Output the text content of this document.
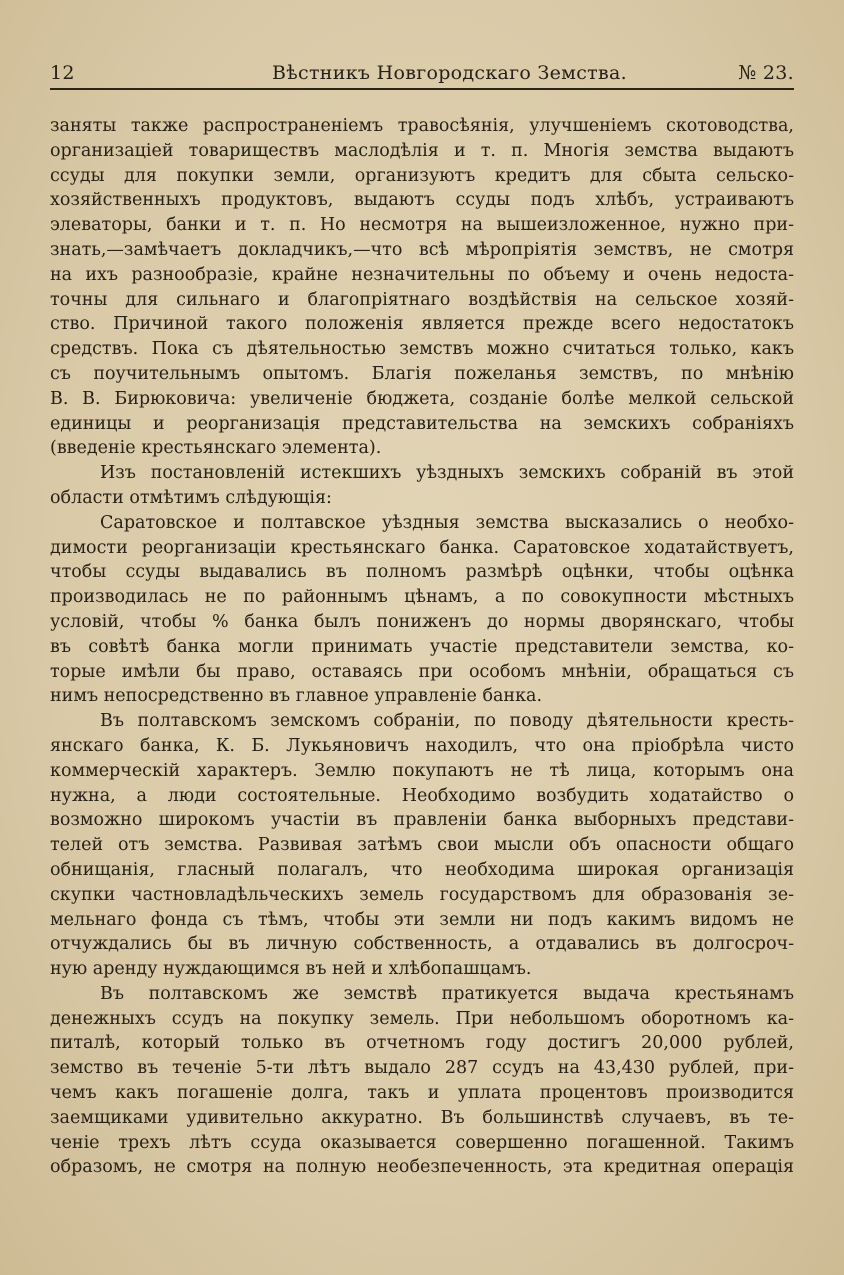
12	Вѣстникъ Новгородскаго Земства.	№ 23.
заняты также распространеніемъ травосѣянія, улучшеніемъ скотоводства,
организаціей товариществъ маслодѣлія и т. п. Многія земства выдаютъ
ссуды для покупки земли, организуютъ кредитъ для сбыта сельско-
хозяйственныхъ продуктовъ, выдаютъ ссуды подъ хлѣбъ, устраиваютъ
элеваторы, банки и т. п. Но несмотря на вышеизложенное, нужно при-
знать,—замѣчаетъ докладчикъ,—что всѣ мѣропріятія земствъ, не смотря
на ихъ разнообразіе, крайне незначительны по объему и очень недоста-
точны для сильнаго и благопріятнаго воздѣйствія на сельское хозяй-
ство. Причиной такого положенія является прежде всего недостатокъ
средствъ. Пока съ дѣятельностью земствъ можно считаться только, какъ
съ поучительнымъ опытомъ. Благія пожеланья земствъ, по мнѣнію
В. В. Бирюковича: увеличеніе бюджета, созданіе болѣе мелкой сельской
единицы и реорганизація представительства на земскихъ собраніяхъ
(введеніе крестьянскаго элемента).
Изъ постановленій истекшихъ уѣздныхъ земскихъ собраній въ этой
области отмѣтимъ слѣдующія:
Саратовское и полтавское уѣздныя земства высказались о необхо-
димости реорганизаціи крестьянскаго банка. Саратовское ходатайствуетъ,
чтобы ссуды выдавались въ полномъ размѣрѣ оцѣнки, чтобы оцѣнка
производилась не по районнымъ цѣнамъ, а по совокупности мѣстныхъ
условій, чтобы % банка былъ пониженъ до нормы дворянскаго, чтобы
въ совѣтѣ банка могли принимать участіе представители земства, ко-
торые имѣли бы право, оставаясь при особомъ мнѣніи, обращаться съ
нимъ непосредственно въ главное управленіе банка.
Въ полтавскомъ земскомъ собраніи, по поводу дѣятельности кресть-
янскаго банка, К. Б. Лукьяновичъ находилъ, что она пріобрѣла чисто
коммерческій характеръ. Землю покупаютъ не тѣ лица, которымъ она
нужна, а люди состоятельные. Необходимо возбудить ходатайство о
возможно широкомъ участіи въ правленіи банка выборныхъ представи-
телей отъ земства. Развивая затѣмъ свои мысли объ опасности общаго
обнищанія, гласный полагалъ, что необходима широкая организація
скупки частновладѣльческихъ земель государствомъ для образованія зе-
мельнаго фонда съ тѣмъ, чтобы эти земли ни подъ какимъ видомъ не
отчуждались бы въ личную собственность, а отдавались въ долгосроч-
ную аренду нуждающимся въ ней и хлѣбопашцамъ.
Въ полтавскомъ же земствѣ пратикуется выдача крестьянамъ
денежныхъ ссудъ на покупку земель. При небольшомъ оборотномъ ка-
питалѣ, который только въ отчетномъ году достигъ 20,000 рублей,
земство въ теченіе 5-ти лѣтъ выдало 287 ссудъ на 43,430 рублей, при-
чемъ какъ погашеніе долга, такъ и уплата процентовъ производится
заемщиками удивительно аккуратно. Въ большинствѣ случаевъ, въ те-
ченіе трехъ лѣтъ ссуда оказывается совершенно погашенной. Такимъ
образомъ, не смотря на полную необезпеченность, эта кредитная операція
